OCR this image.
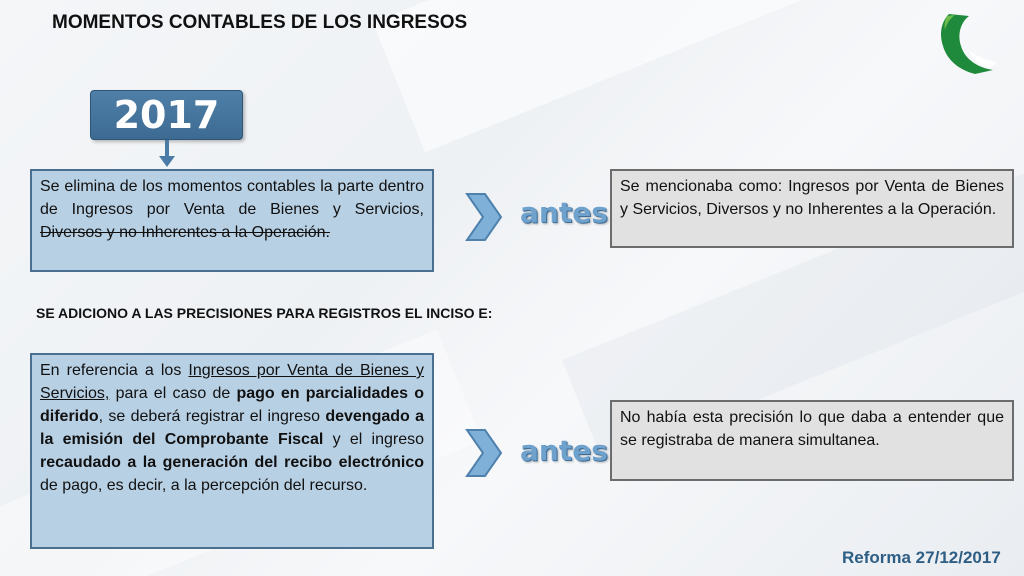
MOMENTOS CONTABLES DE LOS INGRESOS
2017
Se elimina de los momentos contables la parte dentro de Ingresos por Venta de Bienes y Servicios, Diversos y no Inherentes a la Operación.
antes
Se mencionaba como: Ingresos por Venta de Bienes y Servicios, Diversos y no Inherentes a la Operación.
SE ADICIONO A LAS PRECISIONES PARA REGISTROS EL INCISO E:
En referencia a los Ingresos por Venta de Bienes y Servicios, para el caso de pago en parcialidades o diferido, se deberá registrar el ingreso devengado a la emisión del Comprobante Fiscal y el ingreso recaudado a la generación del recibo electrónico de pago, es decir, a la percepción del recurso.
antes
No había esta precisión lo que daba a entender que se registraba de manera simultanea.
Reforma 27/12/2017
